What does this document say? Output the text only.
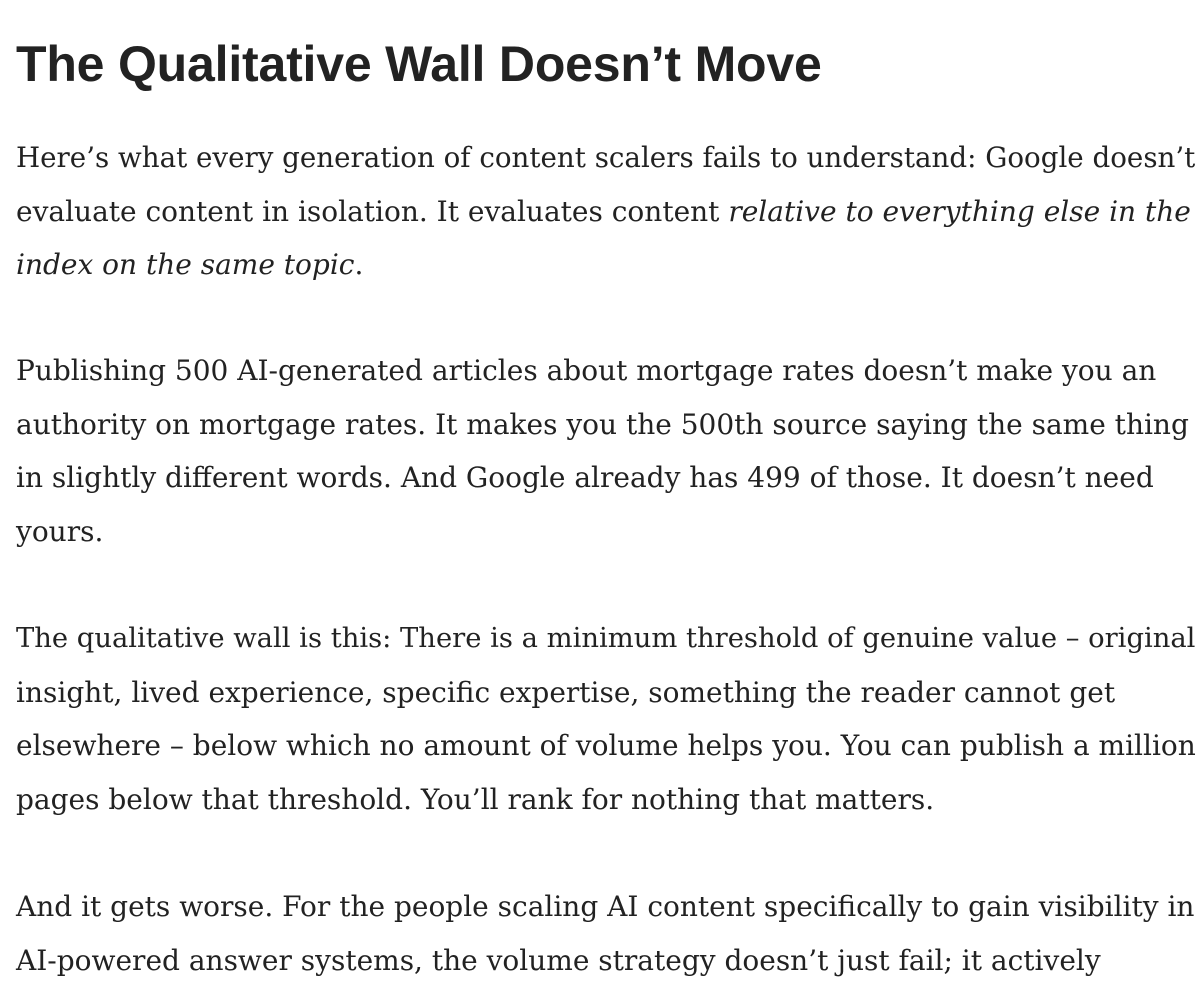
The Qualitative Wall Doesn’t Move

Here’s what every generation of content scalers fails to understand: Google doesn’t
evaluate content in isolation. It evaluates content relative to everything else in the
index on the same topic.

Publishing 500 AI-generated articles about mortgage rates doesn’t make you an
authority on mortgage rates. It makes you the 500th source saying the same thing
in slightly different words. And Google already has 499 of those. It doesn’t need
yours.

The qualitative wall is this: There is a minimum threshold of genuine value – original
insight, lived experience, specific expertise, something the reader cannot get
elsewhere – below which no amount of volume helps you. You can publish a million
pages below that threshold. You’ll rank for nothing that matters.

And it gets worse. For the people scaling AI content specifically to gain visibility in
AI-powered answer systems, the volume strategy doesn’t just fail; it actively
